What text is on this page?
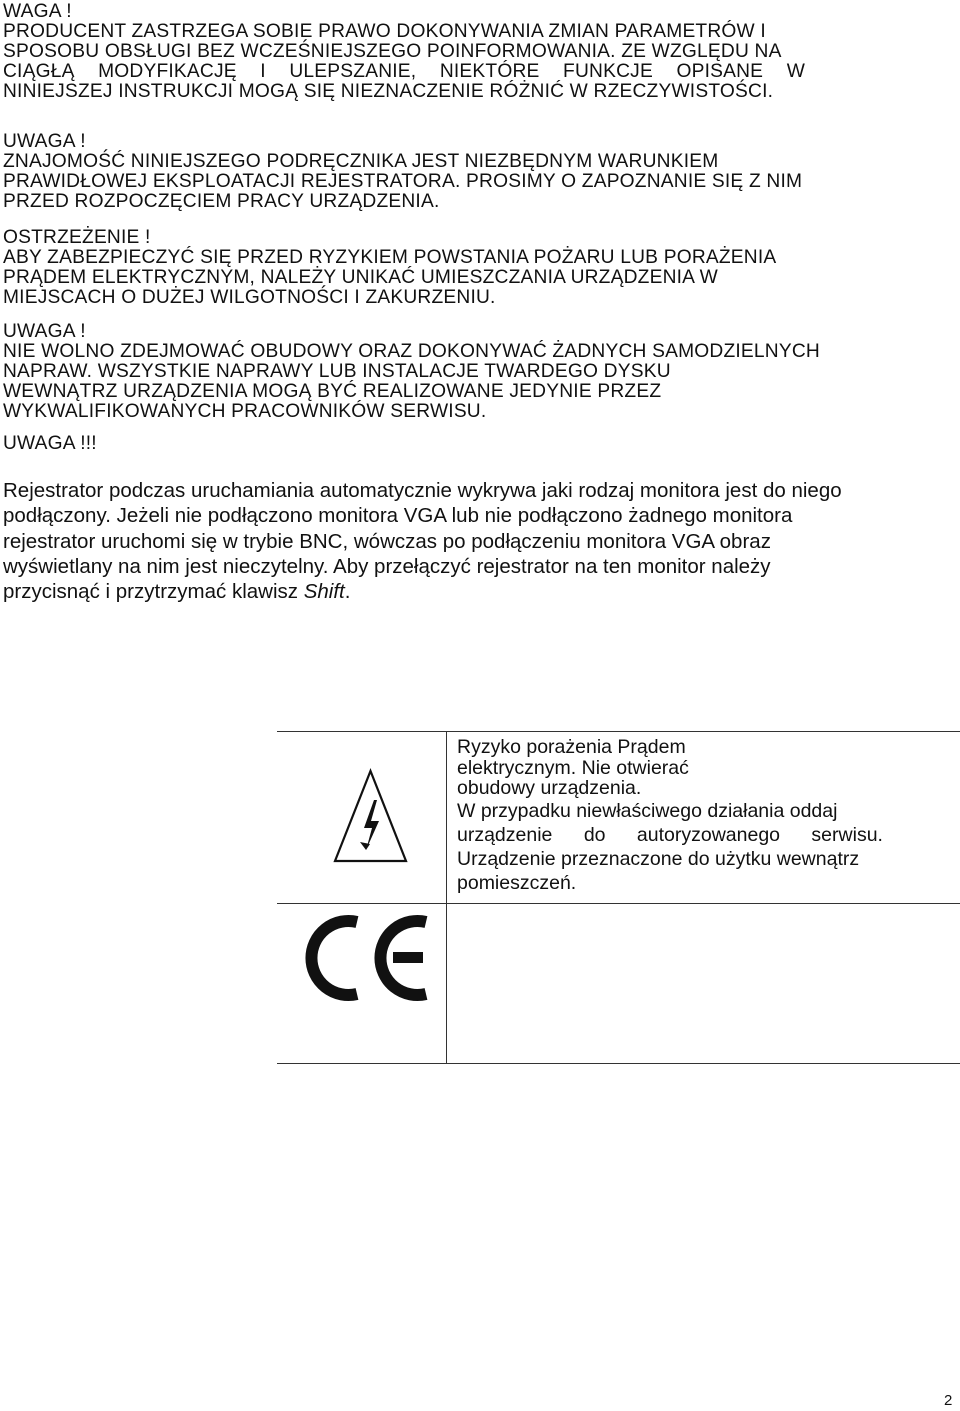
WAGA !
PRODUCENT ZASTRZEGA SOBIE PRAWO DOKONYWANIA ZMIAN PARAMETRÓW I
SPOSOBU OBSŁUGI BEZ WCZEŚNIEJSZEGO POINFORMOWANIA. ZE WZGLĘDU NA
CIĄGŁĄ MODYFIKACJĘ I ULEPSZANIE, NIEKTÓRE FUNKCJE OPISANE W
NINIEJSZEJ INSTRUKCJI MOGĄ SIĘ NIEZNACZENIE RÓŻNIĆ W RZECZYWISTOŚCI.
UWAGA !
ZNAJOMOŚĆ NINIEJSZEGO PODRĘCZNIKA JEST NIEZBĘDNYM WARUNKIEM
PRAWIDŁOWEJ EKSPLOATACJI REJESTRATORA. PROSIMY O ZAPOZNANIE SIĘ Z NIM
PRZED ROZPOCZĘCIEM PRACY URZĄDZENIA.
OSTRZEŻENIE !
ABY ZABEZPIECZYĆ SIĘ PRZED RYZYKIEM POWSTANIA POŻARU LUB PORAŻENIA
PRĄDEM ELEKTRYCZNYM, NALEŻY UNIKAĆ UMIESZCZANIA URZĄDZENIA W
MIEJSCACH O DUŻEJ WILGOTNOŚCI I ZAKURZENIU.
UWAGA !
NIE WOLNO ZDEJMOWAĆ OBUDOWY ORAZ DOKONYWAĆ ŻADNYCH SAMODZIELNYCH
NAPRAW. WSZYSTKIE NAPRAWY LUB INSTALACJE TWARDEGO DYSKU
WEWNĄTRZ URZĄDZENIA MOGĄ BYĆ REALIZOWANE JEDYNIE PRZEZ
WYKWALIFIKOWANYCH PRACOWNIKÓW SERWISU.
UWAGA !!!

Rejestrator podczas uruchamiania automatycznie wykrywa jaki rodzaj monitora jest do niego

podłączony. Jeżeli nie podłączono monitora VGA lub nie podłączono żadnego monitora

rejestrator uruchomi się w trybie BNC, wówczas po podłączeniu monitora VGA obraz

wyświetlany na nim jest nieczytelny. Aby przełączyć rejestrator na ten monitor należy

przycisnąć i przytrzymać klawisz Shift.

Ryzyko porażenia Prądem

elektrycznym. Nie otwierać

obudowy urządzenia.

W przypadku niewłaściwego działania oddaj

urządzenie do autoryzowanego serwisu.

Urządzenie przeznaczone do użytku wewnątrz

pomieszczeń.

2
